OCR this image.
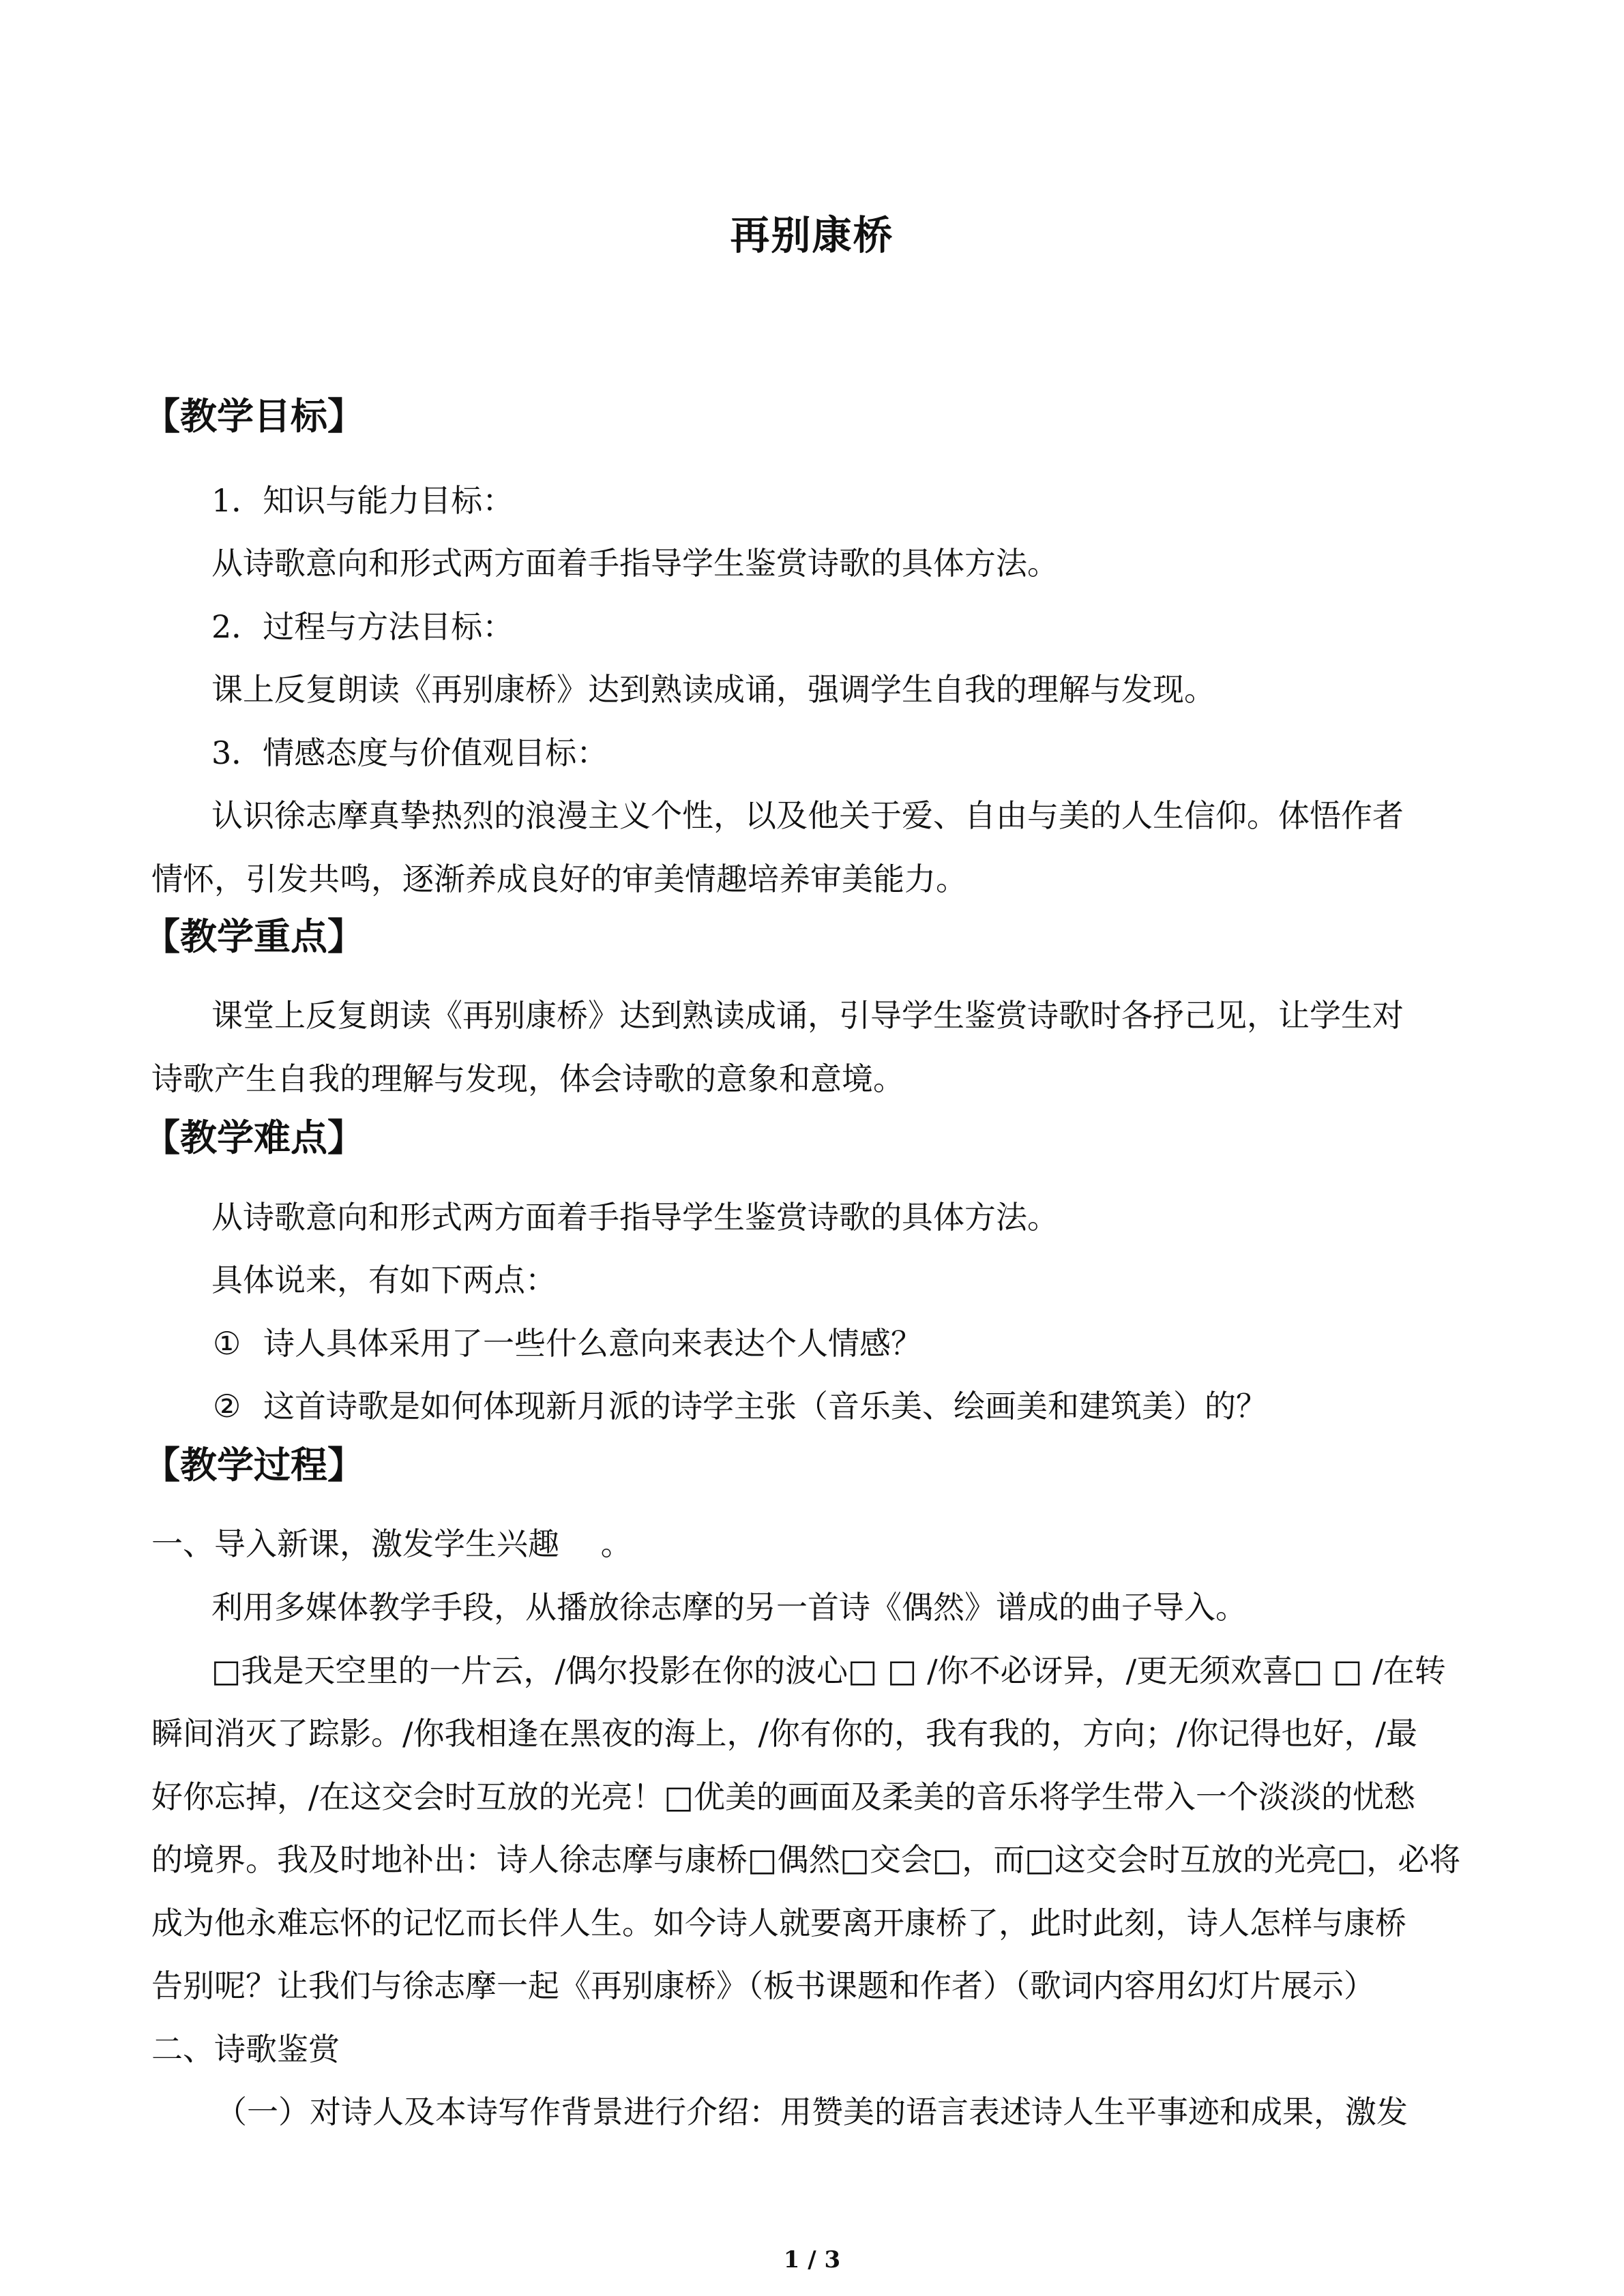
再别康桥
【教学目标】
1．知识与能力目标：
从诗歌意向和形式两方面着手指导学生鉴赏诗歌的具体方法。
2．过程与方法目标：
课上反复朗读《再别康桥》达到熟读成诵，强调学生自我的理解与发现。
3．情感态度与价值观目标：
认识徐志摩真挚热烈的浪漫主义个性，以及他关于爱、自由与美的人生信仰。体悟作者
情怀，引发共鸣，逐渐养成良好的审美情趣培养审美能力。
【教学重点】
课堂上反复朗读《再别康桥》达到熟读成诵，引导学生鉴赏诗歌时各抒己见，让学生对
诗歌产生自我的理解与发现，体会诗歌的意象和意境。
【教学难点】
从诗歌意向和形式两方面着手指导学生鉴赏诗歌的具体方法。
具体说来，有如下两点：
① 诗人具体采用了一些什么意向来表达个人情感？
② 这首诗歌是如何体现新月派的诗学主张（音乐美、绘画美和建筑美）的？
【教学过程】
一、导入新课，激发学生兴趣　 。
利用多媒体教学手段，从播放徐志摩的另一首诗《偶然》谱成的曲子导入。
□我是天空里的一片云，/偶尔投影在你的波心□ □ /你不必讶异，/更无须欢喜□ □ /在转
瞬间消灭了踪影。/你我相逢在黑夜的海上，/你有你的，我有我的，方向；/你记得也好，/最
好你忘掉，/在这交会时互放的光亮！□优美的画面及柔美的音乐将学生带入一个淡淡的忧愁
的境界。我及时地补出：诗人徐志摩与康桥□偶然□交会□，而□这交会时互放的光亮□，必将
成为他永难忘怀的记忆而长伴人生。如今诗人就要离开康桥了，此时此刻，诗人怎样与康桥
告别呢？让我们与徐志摩一起《再别康桥》（板书课题和作者）（歌词内容用幻灯片展示）
二、诗歌鉴赏
（一）对诗人及本诗写作背景进行介绍：用赞美的语言表述诗人生平事迹和成果，激发
1 / 3
